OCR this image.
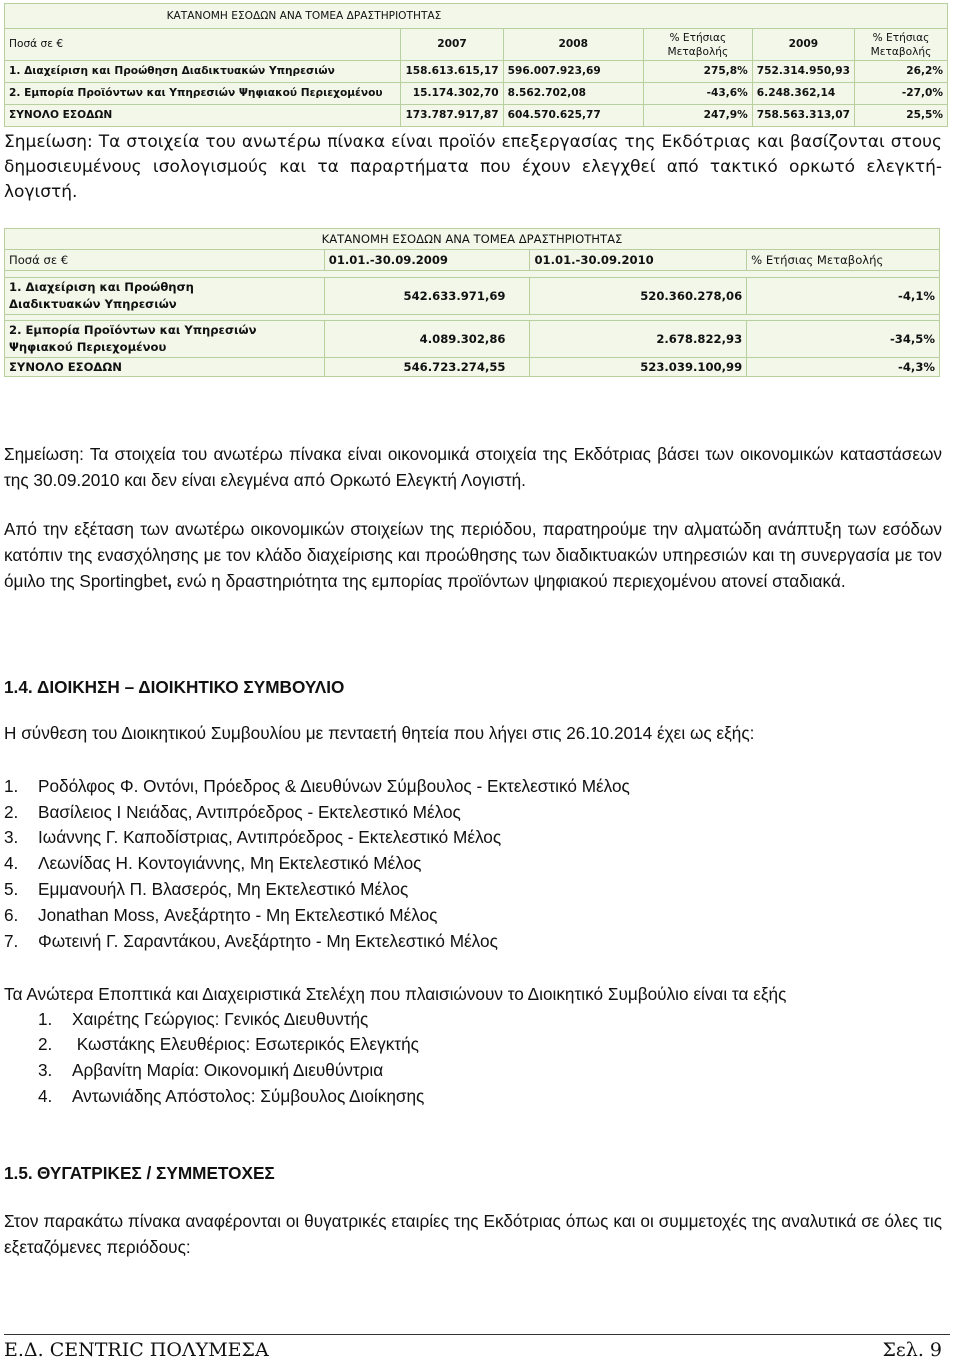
ΚΑΤΑΝΟΜΗ ΕΣΟΔΩΝ ΑΝΑ ΤΟΜΕΑ ΔΡΑΣΤΗΡΙΟΤΗΤΑΣ					
Ποσά σε €	2007	2008	% Ετήσιας Μεταβολής	2009	% Ετήσιας Μεταβολής
1. Διαχείριση και Προώθηση Διαδικτυακών Υπηρεσιών	158.613.615,17	596.007.923,69	275,8%	752.314.950,93	26,2%
2. Εμπορία Προϊόντων και Υπηρεσιών Ψηφιακού Περιεχομένου	15.174.302,70	8.562.702,08	-43,6%	6.248.362,14	-27,0%
ΣΥΝΟΛΟ ΕΣΟΔΩΝ	173.787.917,87	604.570.625,77	247,9%	758.563.313,07	25,5%
Σημείωση: Τα στοιχεία του ανωτέρω πίνακα είναι προϊόν επεξεργασίας της Εκδότριας και βασίζονται στους δημοσιευμένους ισολογισμούς και τα παραρτήματα που έχουν ελεγχθεί από τακτικό ορκωτό ελεγκτή-λογιστή.
ΚΑΤΑΝΟΜΗ ΕΣΟΔΩΝ ΑΝΑ ΤΟΜΕΑ ΔΡΑΣΤΗΡΙΟΤΗΤΑΣ			
Ποσά σε €	01.01.-30.09.2009	01.01.-30.09.2010	% Ετήσιας Μεταβολής

1. Διαχείριση και Προώθηση
Διαδικτυακών Υπηρεσιών	542.633.971,69	520.360.278,06	-4,1%

2. Εμπορία Προϊόντων και Υπηρεσιών
Ψηφιακού Περιεχομένου	4.089.302,86	2.678.822,93	-34,5%
ΣΥΝΟΛΟ ΕΣΟΔΩΝ	546.723.274,55	523.039.100,99	-4,3%
Σημείωση: Τα στοιχεία του ανωτέρω πίνακα είναι οικονομικά στοιχεία της Εκδότριας βάσει των οικονομικών καταστάσεων της 30.09.2010 και δεν είναι ελεγμένα από Ορκωτό Ελεγκτή Λογιστή.
Από την εξέταση των ανωτέρω οικονομικών στοιχείων της περιόδου, παρατηρούμε την αλματώδη ανάπτυξη των εσόδων κατόπιν της ενασχόλησης με τον κλάδο διαχείρισης και προώθησης των διαδικτυακών υπηρεσιών και τη συνεργασία με τον όμιλο της Sportingbet, ενώ η δραστηριότητα της εμπορίας προϊόντων ψηφιακού περιεχομένου ατονεί σταδιακά.
1.4. ΔΙΟΙΚΗΣΗ – ΔΙΟΙΚΗΤΙΚΟ ΣΥΜΒΟΥΛΙΟ
Η σύνθεση του Διοικητικού Συμβουλίου με πενταετή θητεία που λήγει στις 26.10.2014 έχει ως εξής:
1. Ροδόλφος Φ. Οντόνι, Πρόεδρος & Διευθύνων Σύμβουλος - Εκτελεστικό Μέλος
2. Βασίλειος Ι Νειάδας, Αντιπρόεδρος - Εκτελεστικό Μέλος
3. Ιωάννης Γ. Καποδίστριας, Αντιπρόεδρος - Εκτελεστικό Μέλος
4. Λεωνίδας Η. Κοντογιάννης, Μη Εκτελεστικό Μέλος
5. Εμμανουήλ Π. Βλασερός, Μη Εκτελεστικό Μέλος
6. Jonathan Moss, Ανεξάρτητο - Μη Εκτελεστικό Μέλος
7. Φωτεινή Γ. Σαραντάκου, Ανεξάρτητο - Μη Εκτελεστικό Μέλος
Τα Ανώτερα Εποπτικά και Διαχειριστικά Στελέχη που πλαισιώνουν το Διοικητικό Συμβούλιο είναι τα εξής
1. Χαιρέτης Γεώργιος: Γενικός Διευθυντής
2. Κωστάκης Ελευθέριος: Εσωτερικός Ελεγκτής
3. Αρβανίτη Μαρία: Οικονομική Διευθύντρια
4. Αντωνιάδης Απόστολος: Σύμβουλος Διοίκησης
1.5. ΘΥΓΑΤΡΙΚΕΣ / ΣΥΜΜΕΤΟΧΕΣ
Στον παρακάτω πίνακα αναφέρονται οι θυγατρικές εταιρίες της Εκδότριας όπως και οι συμμετοχές της αναλυτικά σε όλες τις εξεταζόμενες περιόδους:
Ε.Δ. CENTRIC ΠΟΛΥΜΕΣΑ	Σελ. 9
